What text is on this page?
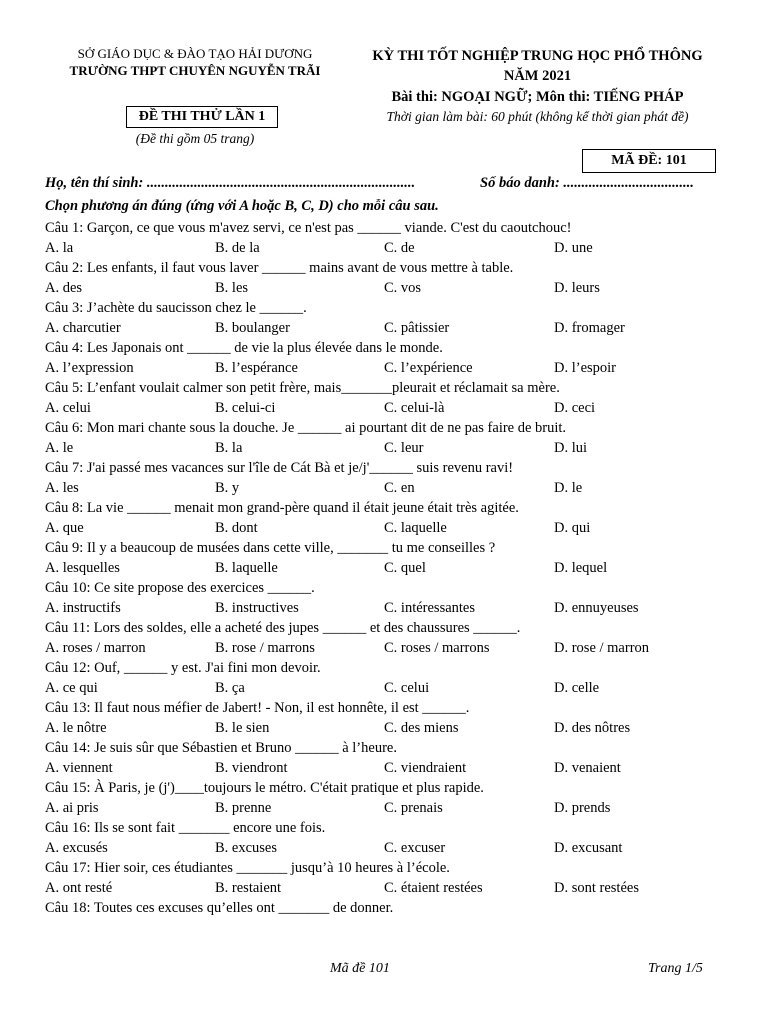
SỞ GIÁO DỤC & ĐÀO TẠO HẢI DƯƠNG
TRƯỜNG THPT CHUYÊN NGUYỄN TRÃI
ĐỀ THI THỬ LẦN 1
(Đề thi gồm 05 trang)
KỲ THI TỐT NGHIỆP TRUNG HỌC PHỔ THÔNG
NĂM 2021
Bài thi: NGOẠI NGỮ; Môn thi: TIẾNG PHÁP
Thời gian làm bài: 60 phút (không kể thời gian phát đề)
MÃ ĐỀ: 101
Họ, tên thí sinh: ..........................................................................	Số báo danh: ....................................
Chọn phương án đúng (ứng với A hoặc B, C, D) cho mỗi câu sau.
Câu 1: Garçon, ce que vous m'avez servi, ce n'est pas ______ viande. C'est du caoutchouc!
A. la	B. de la	C. de	D. une
Câu 2: Les enfants, il faut vous laver ______ mains avant de vous mettre à table.
A. des	B. les	C. vos	D. leurs
Câu 3: J’achète du saucisson chez le ______.
A. charcutier	B. boulanger	C. pâtissier	D. fromager
Câu 4: Les Japonais ont ______ de vie la plus élevée dans le monde.
A. l’expression	B. l’espérance	C. l’expérience	D. l’espoir
Câu 5: L’enfant voulait calmer son petit frère, mais_______pleurait et réclamait sa mère.
A. celui	B. celui-ci	C. celui-là	D. ceci
Câu 6: Mon mari chante sous la douche. Je ______ ai pourtant dit de ne pas faire de bruit.
A. le	B. la	C. leur	D. lui
Câu 7: J'ai passé mes vacances sur l'île de Cát Bà et je/j'______ suis revenu ravi!
A. les	B. y	C. en	D. le
Câu 8: La vie ______ menait mon grand-père quand il était jeune était très agitée.
A. que	B. dont	C. laquelle	D. qui
Câu 9: Il y a beaucoup de musées dans cette ville, _______ tu me conseilles ?
A. lesquelles	B. laquelle	C. quel	D. lequel
Câu 10: Ce site propose des exercices ______.
A. instructifs	B. instructives	C. intéressantes	D. ennuyeuses
Câu 11: Lors des soldes, elle a acheté des jupes ______ et des chaussures ______.
A. roses / marron	B. rose / marrons	C. roses / marrons	D. rose / marron
Câu 12: Ouf, ______ y est. J'ai fini mon devoir.
A. ce qui	B. ça	C. celui	D. celle
Câu 13: Il faut nous méfier de Jabert! - Non, il est honnête, il est ______.
A. le nôtre	B. le sien	C. des miens	D. des nôtres
Câu 14: Je suis sûr que Sébastien et Bruno ______ à l’heure.
A. viennent	B. viendront	C. viendraient	D. venaient
Câu 15: À Paris, je (j')____toujours le métro. C'était pratique et plus rapide.
A. ai pris	B. prenne	C. prenais	D. prends
Câu 16: Ils se sont fait _______ encore une fois.
A. excusés	B. excuses	C. excuser	D. excusant
Câu 17: Hier soir, ces étudiantes _______ jusqu’à 10 heures à l’école.
A. ont resté	B. restaient	C. étaient restées	D. sont restées
Câu 18: Toutes ces excuses qu’elles ont _______ de donner.
Mã đề 101	Trang 1/5
